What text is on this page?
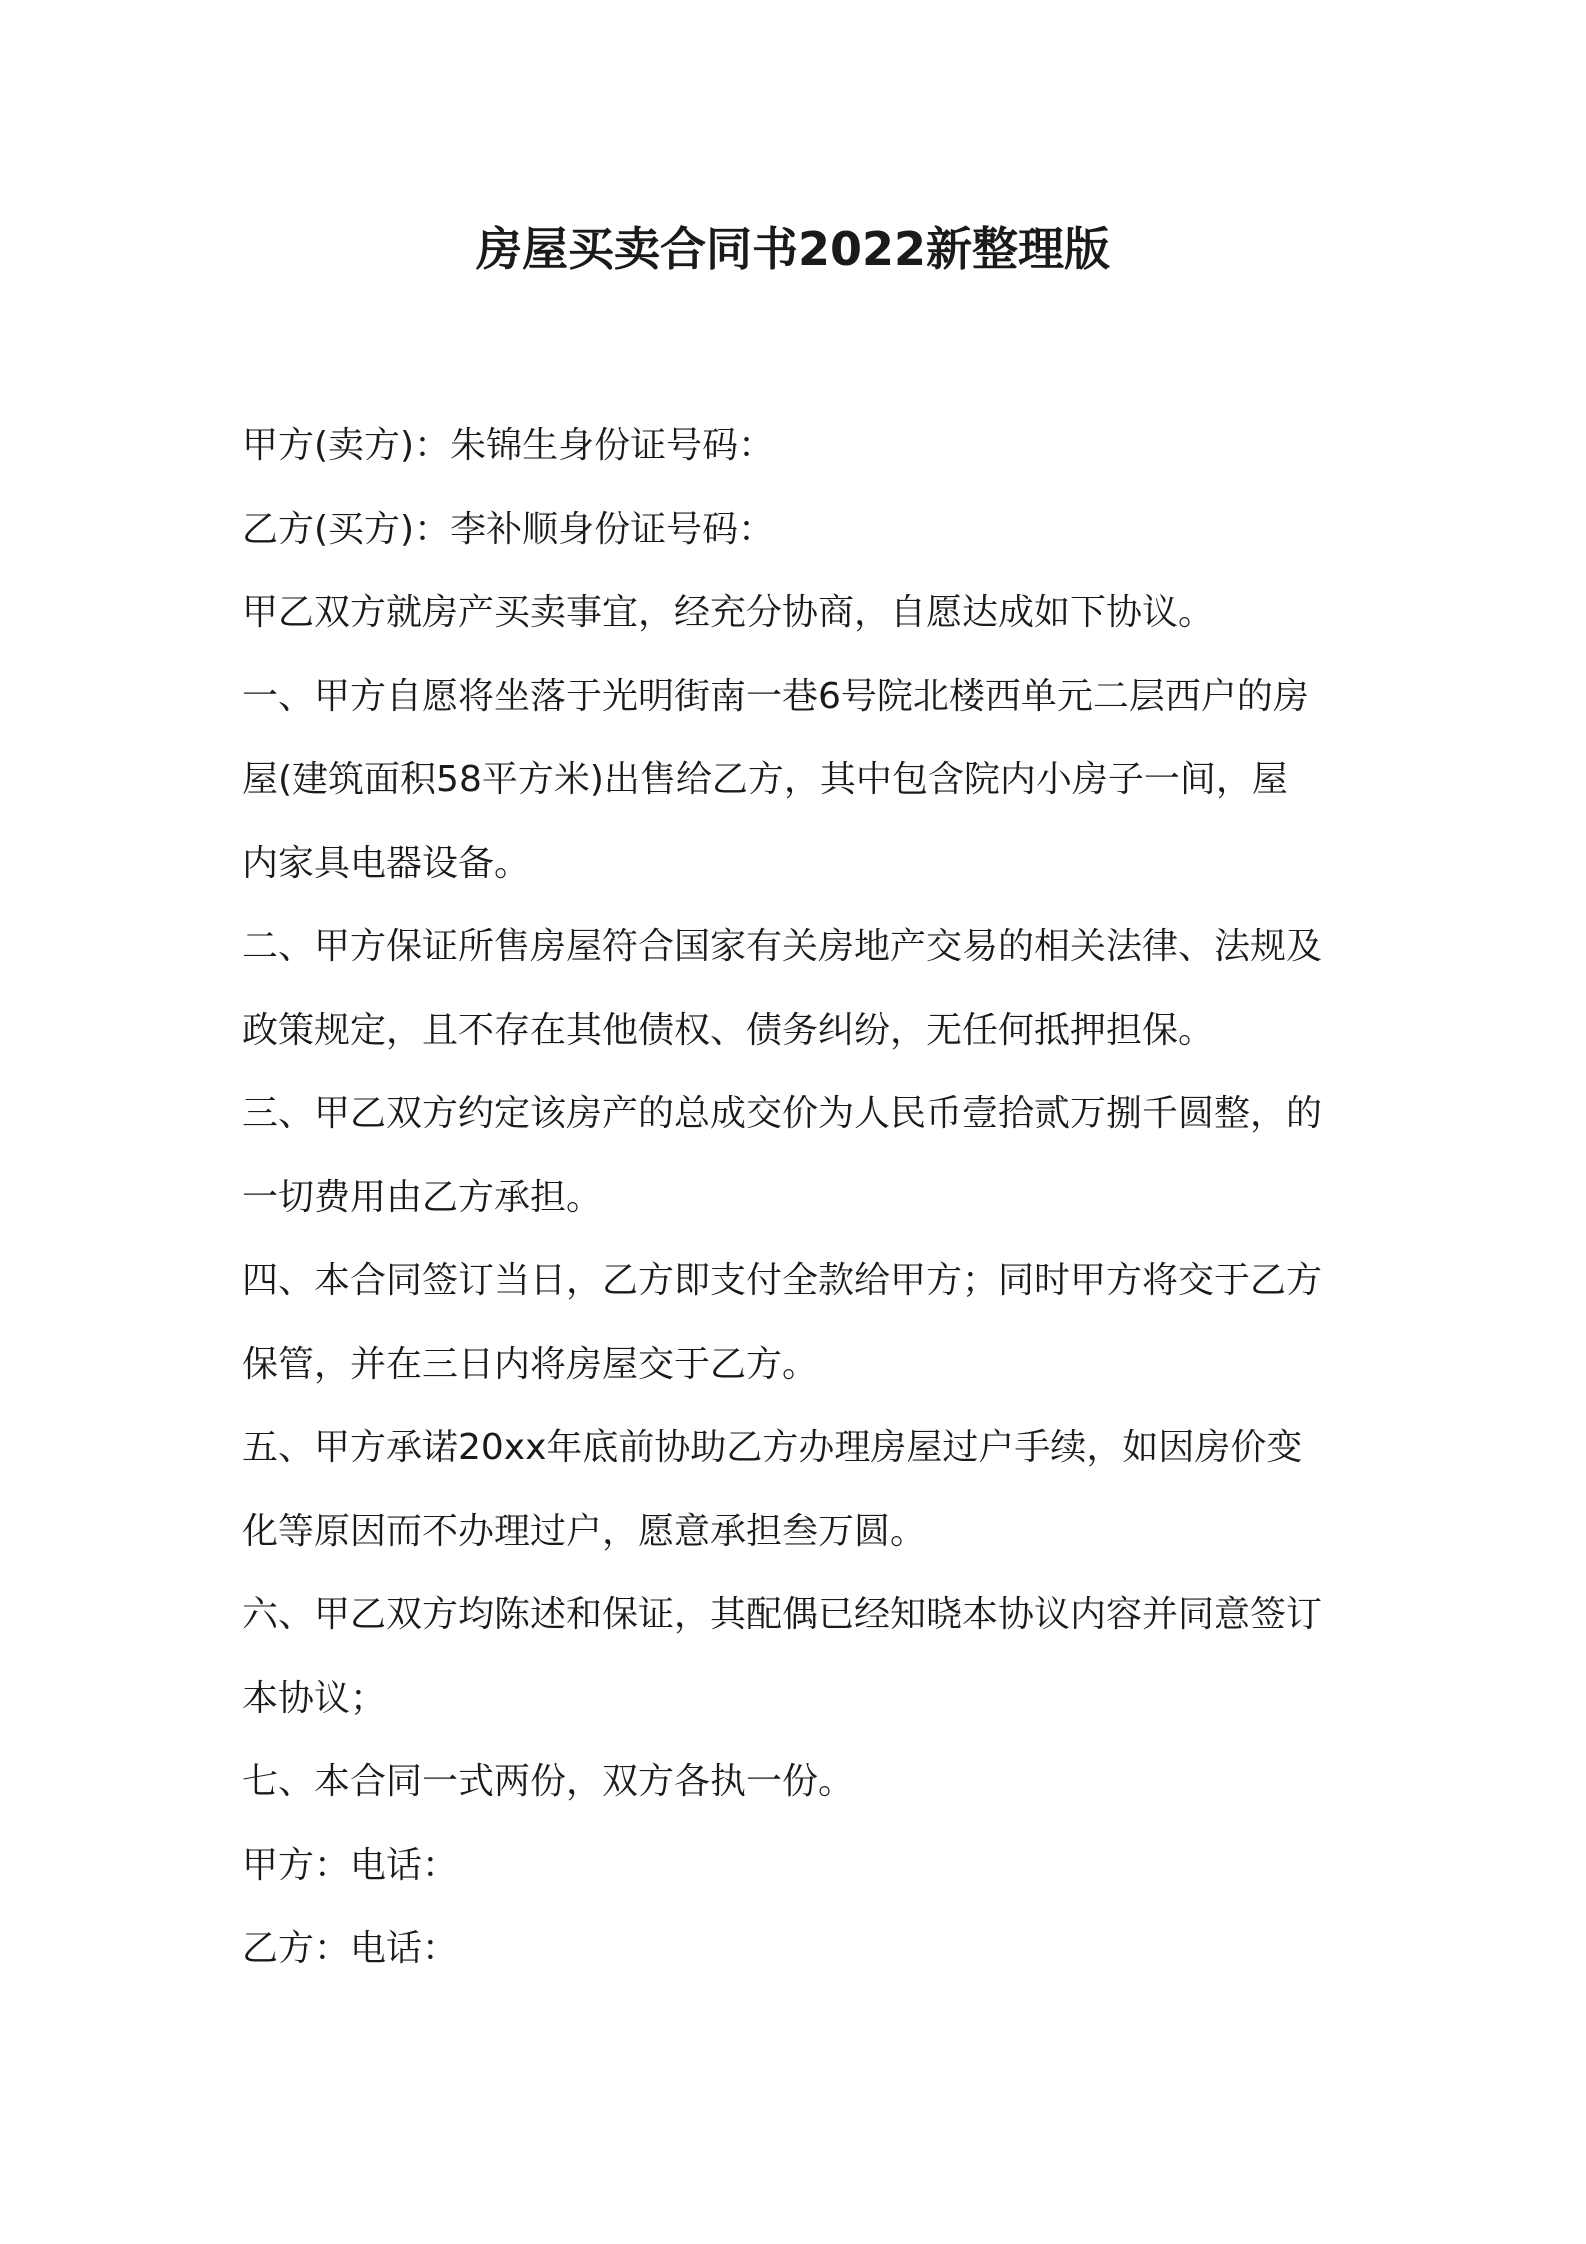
房屋买卖合同书2022新整理版
甲方(卖方)：朱锦生身份证号码：
乙方(买方)：李补顺身份证号码：
甲乙双方就房产买卖事宜，经充分协商，自愿达成如下协议。
一、甲方自愿将坐落于光明街南一巷6号院北楼西单元二层西户的房
屋(建筑面积58平方米)出售给乙方，其中包含院内小房子一间，屋
内家具电器设备。
二、甲方保证所售房屋符合国家有关房地产交易的相关法律、法规及
政策规定，且不存在其他债权、债务纠纷，无任何抵押担保。
三、甲乙双方约定该房产的总成交价为人民币壹拾贰万捌千圆整，的
一切费用由乙方承担。
四、本合同签订当日，乙方即支付全款给甲方；同时甲方将交于乙方
保管，并在三日内将房屋交于乙方。
五、甲方承诺20xx年底前协助乙方办理房屋过户手续，如因房价变
化等原因而不办理过户，愿意承担叁万圆。
六、甲乙双方均陈述和保证，其配偶已经知晓本协议内容并同意签订
本协议；
七、本合同一式两份，双方各执一份。
甲方：电话：
乙方：电话：
